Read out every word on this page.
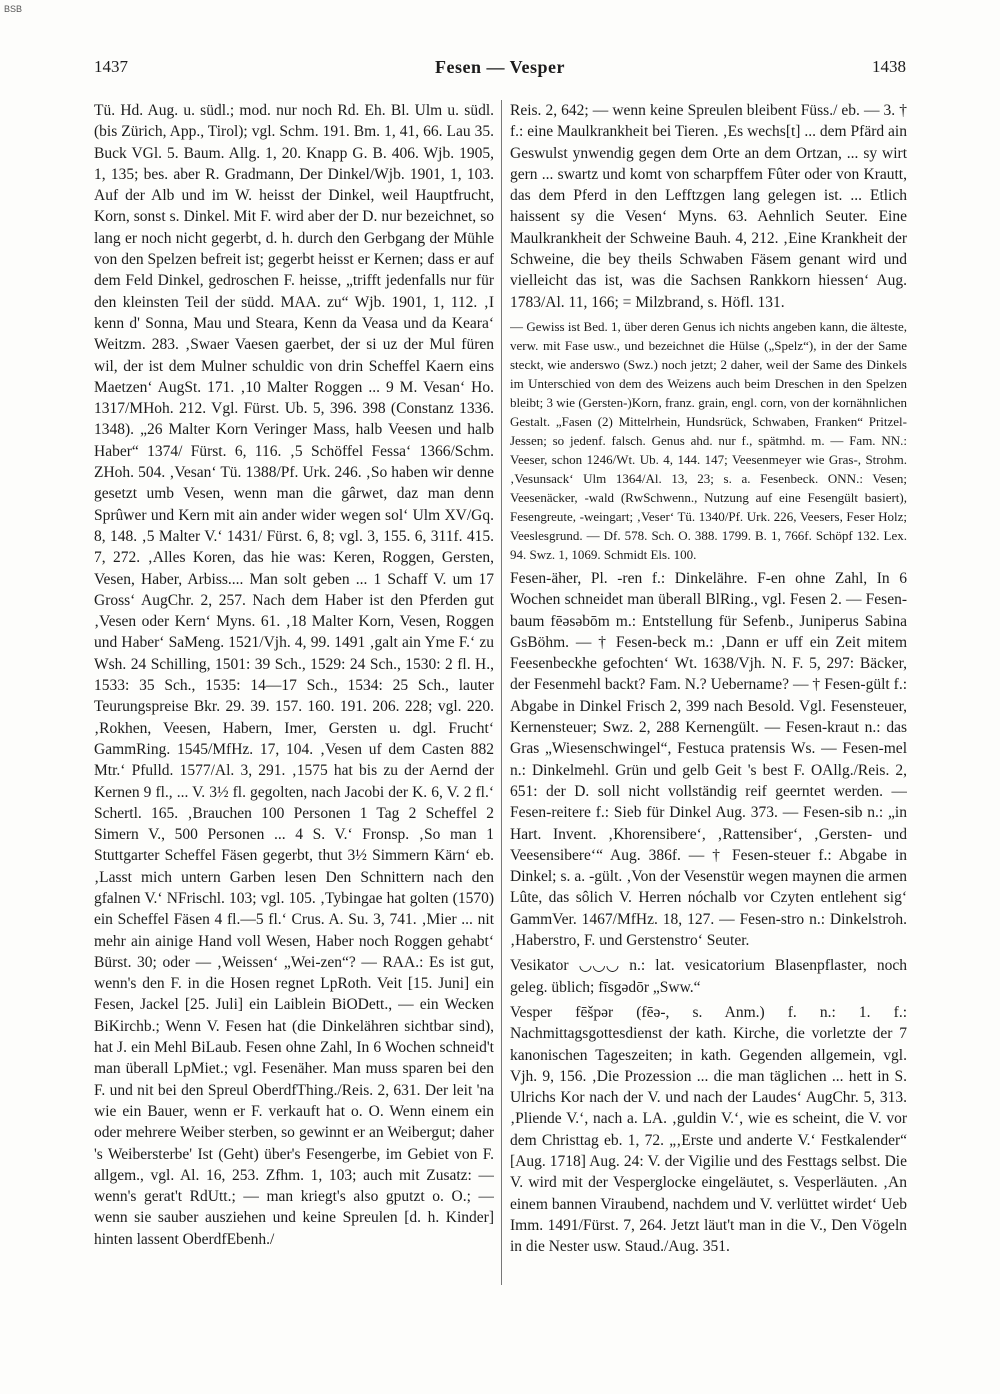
BSB
1437	Fesen — Vesper	1438

Tü. Hd. Aug. u. südl.; mod. nur noch Rd. Eh. Bl. Ulm u. südl. (bis Zürich, App., Tirol); vgl. Schm. 191. Bm. 1, 41, 66. Lau 35. Buck VGl. 5. Baum. Allg. 1, 20. Knapp G. B. 406. Wjb. 1905, 1, 135; bes. aber R. Gradmann, Der Dinkel/Wjb. 1901, 1, 103. Auf der Alb und im W. heisst der Dinkel, weil Hauptfrucht, Korn, sonst s. Dinkel. Mit F. wird aber der D. nur bezeichnet, so lang er noch nicht gegerbt, d. h. durch den Gerbgang der Mühle von den Spelzen befreit ist; gegerbt heisst er Kernen; dass er auf dem Feld Dinkel, gedroschen F. heisse, „trifft jedenfalls nur für den kleinsten Teil der südd. MAA. zu“ Wjb. 1901, 1, 112. ‚I kenn d' Sonna, Mau und Steara, Kenn da Veasa und da Keara‘ Weitzm. 283. ‚Swaer Vaesen gaerbet, der si uz der Mul füren wil, der ist dem Mulner schuldic von drin Scheffel Kaern eins Maetzen‘ AugSt. 171. ‚10 Malter Roggen ... 9 M. Vesan‘ Ho. 1317/MHoh. 212. Vgl. Fürst. Ub. 5, 396. 398 (Constanz 1336. 1348). „26 Malter Korn Veringer Mass, halb Veesen und halb Haber“ 1374/ Fürst. 6, 116. ‚5 Schöffel Fessa‘ 1366/Schm. ZHoh. 504. ‚Vesan‘ Tü. 1388/Pf. Urk. 246. ‚So haben wir denne gesetzt umb Vesen, wenn man die gârwet, daz man denn Sprûwer und Kern mit ain ander wider wegen sol‘ Ulm XV/Gq. 8, 148. ‚5 Malter V.‘ 1431/ Fürst. 6, 8; vgl. 3, 155. 6, 311f. 415. 7, 272. ‚Alles Koren, das hie was: Keren, Roggen, Gersten, Vesen, Haber, Arbiss.... Man solt geben ... 1 Schaff V. um 17 Gross‘ AugChr. 2, 257. Nach dem Haber ist den Pferden gut ‚Vesen oder Kern‘ Myns. 61. ‚18 Malter Korn, Vesen, Roggen und Haber‘ SaMeng. 1521/Vjh. 4, 99. 1491 ‚galt ain Yme F.‘ zu Wsh. 24 Schilling, 1501: 39 Sch., 1529: 24 Sch., 1530: 2 fl. H., 1533: 35 Sch., 1535: 14—17 Sch., 1534: 25 Sch., lauter Teurungspreise Bkr. 29. 39. 157. 160. 191. 206. 228; vgl. 220. ‚Rokhen, Veesen, Habern, Imer, Gersten u. dgl. Frucht‘ GammRing. 1545/MfHz. 17, 104. ‚Vesen uf dem Casten 882 Mtr.‘ Pfulld. 1577/Al. 3, 291. ‚1575 hat bis zu der Aernd der Kernen 9 fl., ... V. 3½ fl. gegolten, nach Jacobi der K. 6, V. 2 fl.‘ Schertl. 165. ‚Brauchen 100 Personen 1 Tag 2 Scheffel 2 Simern V., 500 Personen ... 4 S. V.‘ Fronsp. ‚So man 1 Stuttgarter Scheffel Fäsen gegerbt, thut 3½ Simmern Kärn‘ eb. ‚Lasst mich untern Garben lesen Den Schnittern nach den gfalnen V.‘ NFrischl. 103; vgl. 105. ‚Tybingae hat golten (1570) ein Scheffel Fäsen 4 fl.—5 fl.‘ Crus. A. Su. 3, 741. ‚Mier ... nit mehr ain ainige Hand voll Wesen, Haber noch Roggen gehabt‘ Bürst. 30; oder — ‚Weissen‘ „Wei-zen“? — RAA.: Es ist gut, wenn's den F. in die Hosen regnet LpRoth. Veit [15. Juni] ein Fesen, Jackel [25. Juli] ein Laiblein BiODett., — ein Wecken BiKirchb.; Wenn V. Fesen hat (die Dinkelähren sichtbar sind), hat J. ein Mehl BiLaub. Fesen ohne Zahl, In 6 Wochen schneid't man überall LpMiet.; vgl. Fesenäher. Man muss sparen bei den F. und nit bei den Spreul OberdfThing./Reis. 2, 631. Der leit 'na wie ein Bauer, wenn er F. verkauft hat o. O. Wenn einem ein oder mehrere Weiber sterben, so gewinnt er an Weibergut; daher 's Weibersterbe' Ist (Geht) über's Fesengerbe, im Gebiet von F. allgem., vgl. Al. 16, 253. Zfhm. 1, 103; auch mit Zusatz: — wenn's gerat't RdUtt.; — man kriegt's also gputzt o. O.; — wenn sie sauber ausziehen und keine Spreulen [d. h. Kinder] hinten lassent OberdfEbenh./

Reis. 2, 642; — wenn keine Spreulen bleibent Füss./ eb. — 3. † f.: eine Maulkrankheit bei Tieren. ‚Es wechs[t] ... dem Pfärd ain Geswulst ynwendig gegen dem Orte an dem Ortzan, ... sy wirt gern ... swartz und komt von scharpffem Fûter oder von Krautt, das dem Pferd in den Lefftzgen lang gelegen ist. ... Etlich haissent sy die Vesen‘ Myns. 63. Aehnlich Seuter. Eine Maulkrankheit der Schweine Bauh. 4, 212. ‚Eine Krankheit der Schweine, die bey theils Schwaben Fäsem genant wird und vielleicht das ist, was die Sachsen Rankkorn hiessen‘ Aug. 1783/Al. 11, 166; = Milzbrand, s. Höfl. 131.

— Gewiss ist Bed. 1, über deren Genus ich nichts angeben kann, die älteste, verw. mit Fase usw., und bezeichnet die Hülse („Spelz“), in der der Same steckt, wie anderswo (Swz.) noch jetzt; 2 daher, weil der Same des Dinkels im Unterschied von dem des Weizens auch beim Dreschen in den Spelzen bleibt; 3 wie (Gersten-)Korn, franz. grain, engl. corn, von der kornähnlichen Gestalt. „Fasen (2) Mittelrhein, Hundsrück, Schwaben, Franken“ Pritzel-Jessen; so jedenf. falsch. Genus ahd. nur f., spätmhd. m. — Fam. NN.: Veeser, schon 1246/Wt. Ub. 4, 144. 147; Veesenmeyer wie Gras-, Strohm. ‚Vesunsack‘ Ulm 1364/Al. 13, 23; s. a. Fesenbeck. ONN.: Vesen; Veesenäcker, -wald (RwSchwenn., Nutzung auf eine Fesengült basiert), Fesengreute, -weingart; ‚Veser‘ Tü. 1340/Pf. Urk. 226, Veesers, Feser Holz; Veeslesgrund. — Df. 578. Sch. O. 388. 1799. B. 1, 766f. Schöpf 132. Lex. 94. Swz. 1, 1069. Schmidt Els. 100.

Fesen-äher, Pl. -ren f.: Dinkelähre. F-en ohne Zahl, In 6 Wochen schneidet man überall BlRing., vgl. Fesen 2. — Fesen-baum fēəsəbōm m.: Entstellung für Sefenb., Juniperus Sabina GsBöhm. — † Fesen-beck m.: ‚Dann er uff ein Zeit mitem Feesenbeckhe gefochten‘ Wt. 1638/Vjh. N. F. 5, 297: Bäcker, der Fesenmehl backt? Fam. N.? Uebername? — † Fesen-gült f.: Abgabe in Dinkel Frisch 2, 399 nach Besold. Vgl. Fesensteuer, Kernensteuer; Swz. 2, 288 Kernengült. — Fesen-kraut n.: das Gras „Wiesenschwingel“, Festuca pratensis Ws. — Fesen-mel n.: Dinkelmehl. Grün und gelb Geit 's best F. OAllg./Reis. 2, 651: der D. soll nicht vollständig reif geerntet werden. — Fesen-reitere f.: Sieb für Dinkel Aug. 373. — Fesen-sib n.: „in Hart. Invent. ‚Khorensibere‘, ‚Rattensiber‘, ‚Gersten- und Veesensibere‘“ Aug. 386f. — † Fesen-steuer f.: Abgabe in Dinkel; s. a. -gült. ‚Von der Vesenstür wegen maynen die armen Lûte, das sôlich V. Herren nóchalb vor Czyten entlehent sig‘ GammVer. 1467/MfHz. 18, 127. — Fesen-stro n.: Dinkelstroh. ‚Haberstro, F. und Gerstenstro‘ Seuter.

Vesikator ◡◡◡ n.: lat. vesicatorium Blasenpflaster, noch geleg. üblich; fīsgədōr „Sww.“

Vesper fēšpər (fēə-, s. Anm.) f. n.: 1. f.: Nachmittagsgottesdienst der kath. Kirche, die vorletzte der 7 kanonischen Tageszeiten; in kath. Gegenden allgemein, vgl. Vjh. 9, 156. ‚Die Prozession ... die man täglichen ... hett in S. Ulrichs Kor nach der V. und nach der Laudes‘ AugChr. 5, 313. ‚Pliende V.‘, nach a. LA. ‚guldin V.‘, wie es scheint, die V. vor dem Christtag eb. 1, 72. „‚Erste und anderte V.‘ Festkalender“ [Aug. 1718] Aug. 24: V. der Vigilie und des Festtags selbst. Die V. wird mit der Vesperglocke eingeläutet, s. Vesperläuten. ‚An einem bannen Viraubend, nachdem und V. verlüttet wirdet‘ Ueb Imm. 1491/Fürst. 7, 264. Jetzt läut't man in die V., Den Vögeln in die Nester usw. Staud./Aug. 351.
